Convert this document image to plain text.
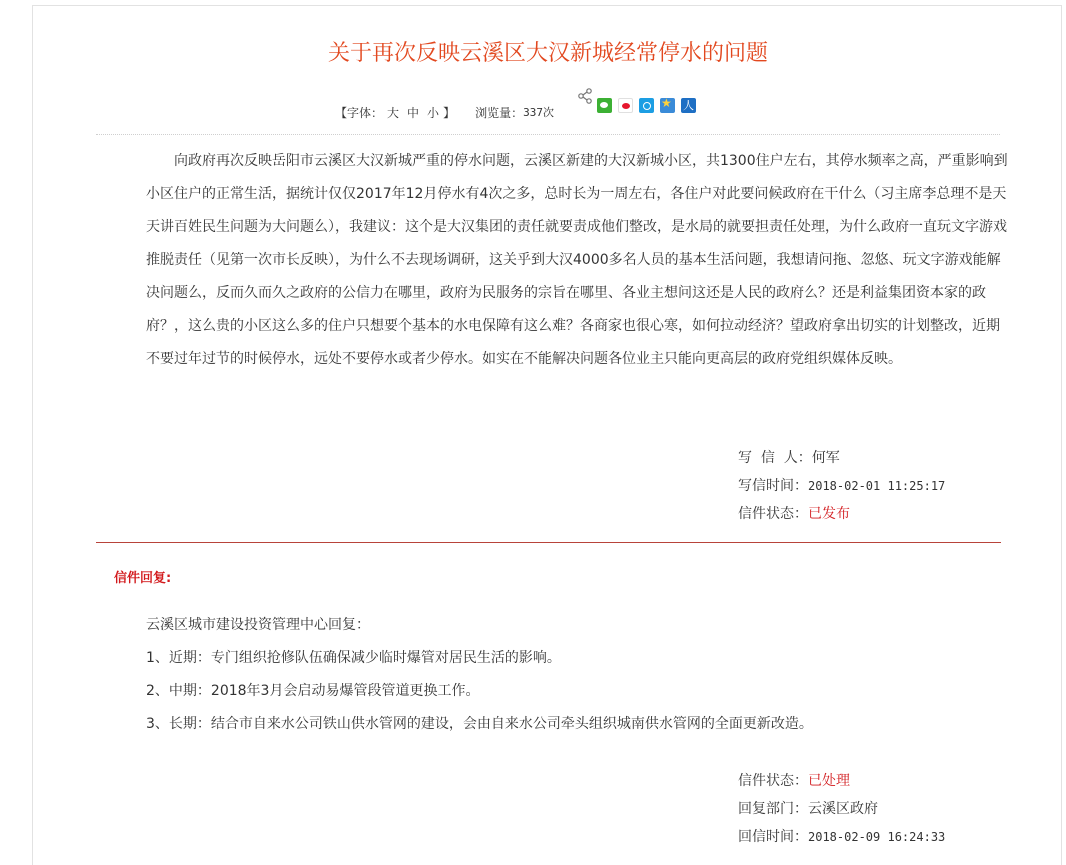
关于再次反映云溪区大汉新城经常停水的问题
【字体： 大 中 小 】 浏览量： 337次
★
人

向政府再次反映岳阳市云溪区大汉新城严重的停水问题，云溪区新建的大汉新城小区，共1300住户左右，其停水频率之高，严重影响到小区住户的正常生活，据统计仅仅2017年12月停水有4次之多，总时长为一周左右，各住户对此要问候政府在干什么（习主席李总理不是天天讲百姓民生问题为大问题么），我建议：这个是大汉集团的责任就要责成他们整改，是水局的就要担责任处理，为什么政府一直玩文字游戏推脱责任（见第一次市长反映），为什么不去现场调研，这关乎到大汉4000多名人员的基本生活问题，我想请问拖、忽悠、玩文字游戏能解决问题么，反而久而久之政府的公信力在哪里，政府为民服务的宗旨在哪里、各业主想问这还是人民的政府么？还是利益集团资本家的政府？，这么贵的小区这么多的住户只想要个基本的水电保障有这么难？各商家也很心寒，如何拉动经济？望政府拿出切实的计划整改，近期不要过年过节的时候停水，远处不要停水或者少停水。如实在不能解决问题各位业主只能向更高层的政府党组织媒体反映。

写  信  人：何军
写信时间：2018-02-01 11:25:17
信件状态：已发布
信件回复:

云溪区城市建设投资管理中心回复：

1、近期：专门组织抢修队伍确保减少临时爆管对居民生活的影响。

2、中期：2018年3月会启动易爆管段管道更换工作。

3、长期：结合市自来水公司铁山供水管网的建设，会由自来水公司牵头组织城南供水管网的全面更新改造。

信件状态：已处理
回复部门：云溪区政府
回信时间：2018-02-09 16:24:33
